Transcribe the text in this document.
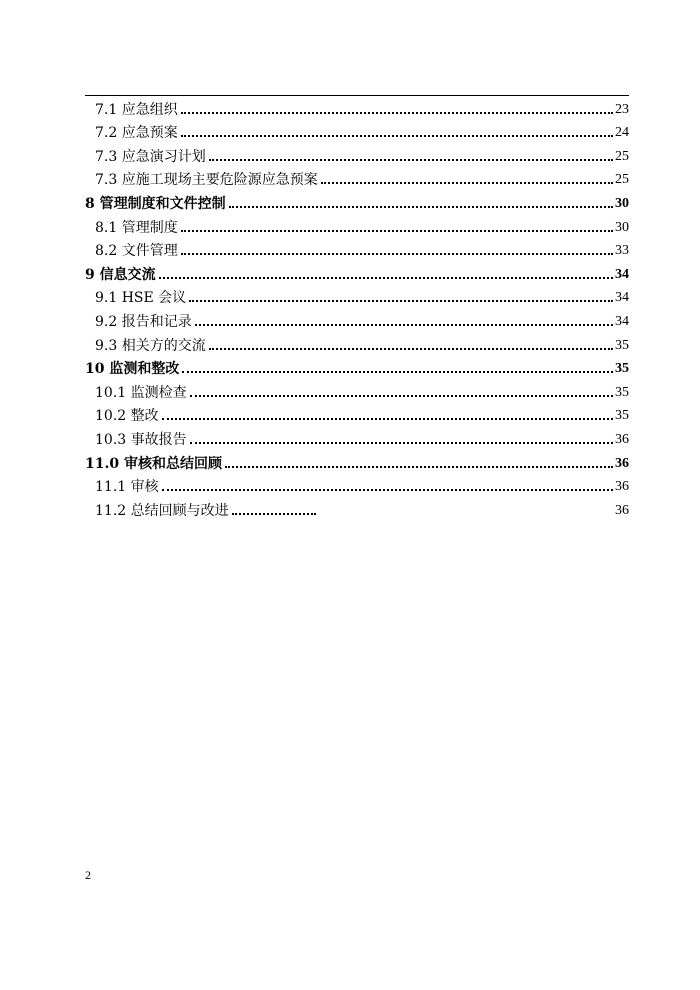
7.1 应急组织	23
7.2 应急预案	24
7.3 应急演习计划	25
7.3 应施工现场主要危险源应急预案	25
8 管理制度和文件控制	30
8.1 管理制度	30
8.2 文件管理	33
9 信息交流	34
9.1 HSE 会议	34
9.2 报告和记录	34
9.3 相关方的交流	35
10 监测和整改	35
10.1 监测检查	35
10.2 整改	35
10.3 事故报告	36
11.0 审核和总结回顾	36
11.1 审核	36
11.2 总结回顾与改进	36
2
